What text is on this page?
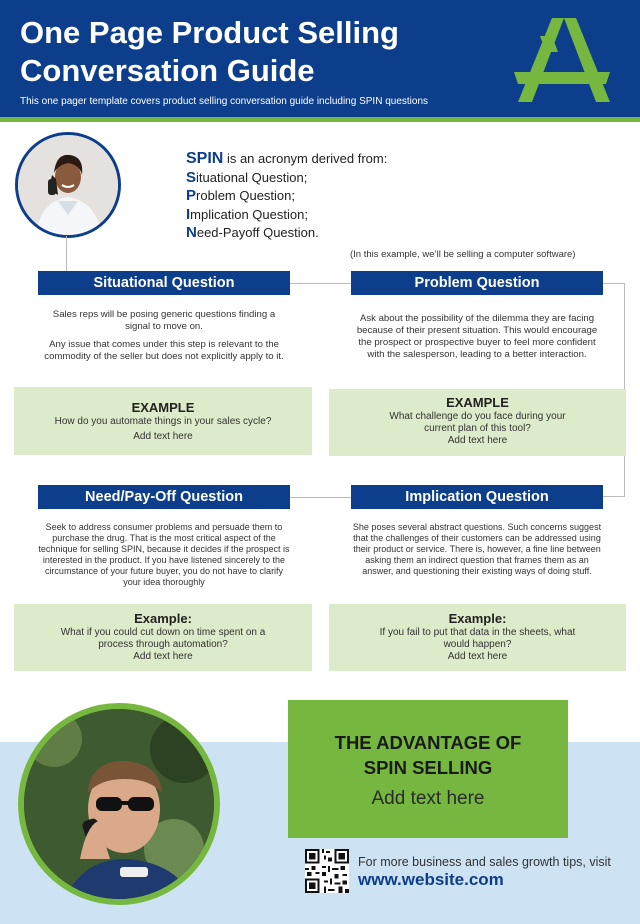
One Page Product Selling Conversation Guide
This one pager template covers product selling conversation guide including SPIN questions
SPIN is an acronym derived from:
Situational Question;
Problem Question;
Implication Question;
Need-Payoff Question.
(In this example, we’ll be selling a computer software)
Situational Question
Sales reps will be posing generic questions finding a signal to move on.
Any issue that comes under this step is relevant to the commodity of the seller but does not explicitly apply to it.
EXAMPLE
How do you automate things in your sales cycle?
Add text here
Problem Question
Ask about the possibility of the dilemma they are facing because of their present situation. This would encourage the prospect or prospective buyer to feel more confident with the salesperson, leading to a better interaction.
EXAMPLE
What challenge do you face during your current plan of this tool?
Add text here
Need/Pay-Off Question
Seek to address consumer problems and persuade them to purchase the drug. That is the most critical aspect of the technique for selling SPIN, because it decides if the prospect is interested in the product. If you have listened sincerely to the circumstance of your future buyer, you do not have to clarify your idea thoroughly
Example:
What if you could cut down on time spent on a process through automation?
Add text here
Implication Question
She poses several abstract questions. Such concerns suggest that the challenges of their customers can be addressed using their product or service. There is, however, a fine line between asking them an indirect question that frames them as an answer, and questioning their existing ways of doing stuff.
Example:
If you fail to put that data in the sheets, what would happen?
Add text here
THE ADVANTAGE OF
SPIN SELLING
Add text here
For more business and sales growth tips, visit
www.website.com
